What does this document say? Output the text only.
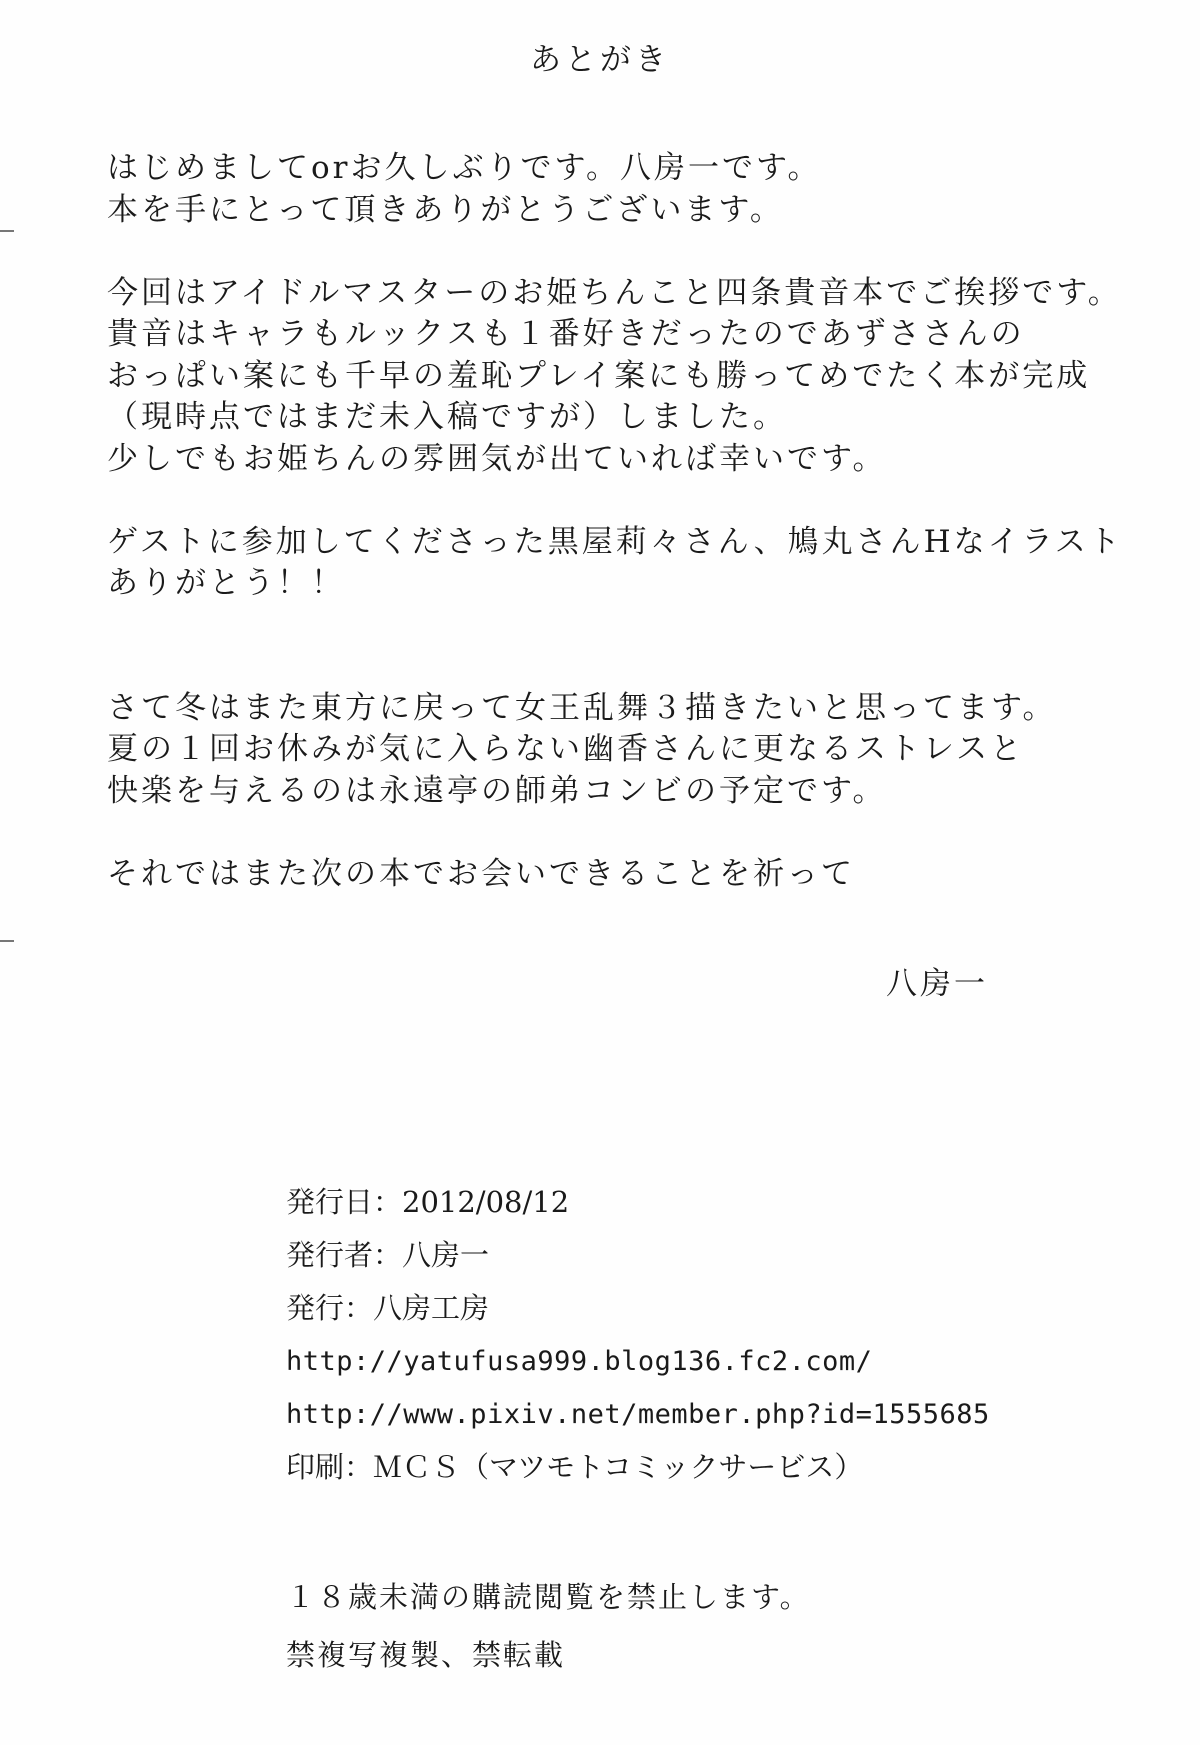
あとがき
はじめましてorお久しぶりです。八房一です。
本を手にとって頂きありがとうございます。
今回はアイドルマスターのお姫ちんこと四条貴音本でご挨拶です。
貴音はキャラもルックスも１番好きだったのであずささんの
おっぱい案にも千早の羞恥プレイ案にも勝ってめでたく本が完成
（現時点ではまだ未入稿ですが）しました。
少しでもお姫ちんの雰囲気が出ていれば幸いです。
ゲストに参加してくださった黒屋莉々さん、鳩丸さんHなイラスト
ありがとう！！
さて冬はまた東方に戻って女王乱舞３描きたいと思ってます。
夏の１回お休みが気に入らない幽香さんに更なるストレスと
快楽を与えるのは永遠亭の師弟コンビの予定です。
それではまた次の本でお会いできることを祈って
八房一
発行日：2012/08/12
発行者：八房一
発行：八房工房
http://yatufusa999.blog136.fc2.com/
http://www.pixiv.net/member.php?id=1555685
印刷：ＭＣＳ（マツモトコミックサービス）
１８歳未満の購読閲覧を禁止します。
禁複写複製、禁転載
